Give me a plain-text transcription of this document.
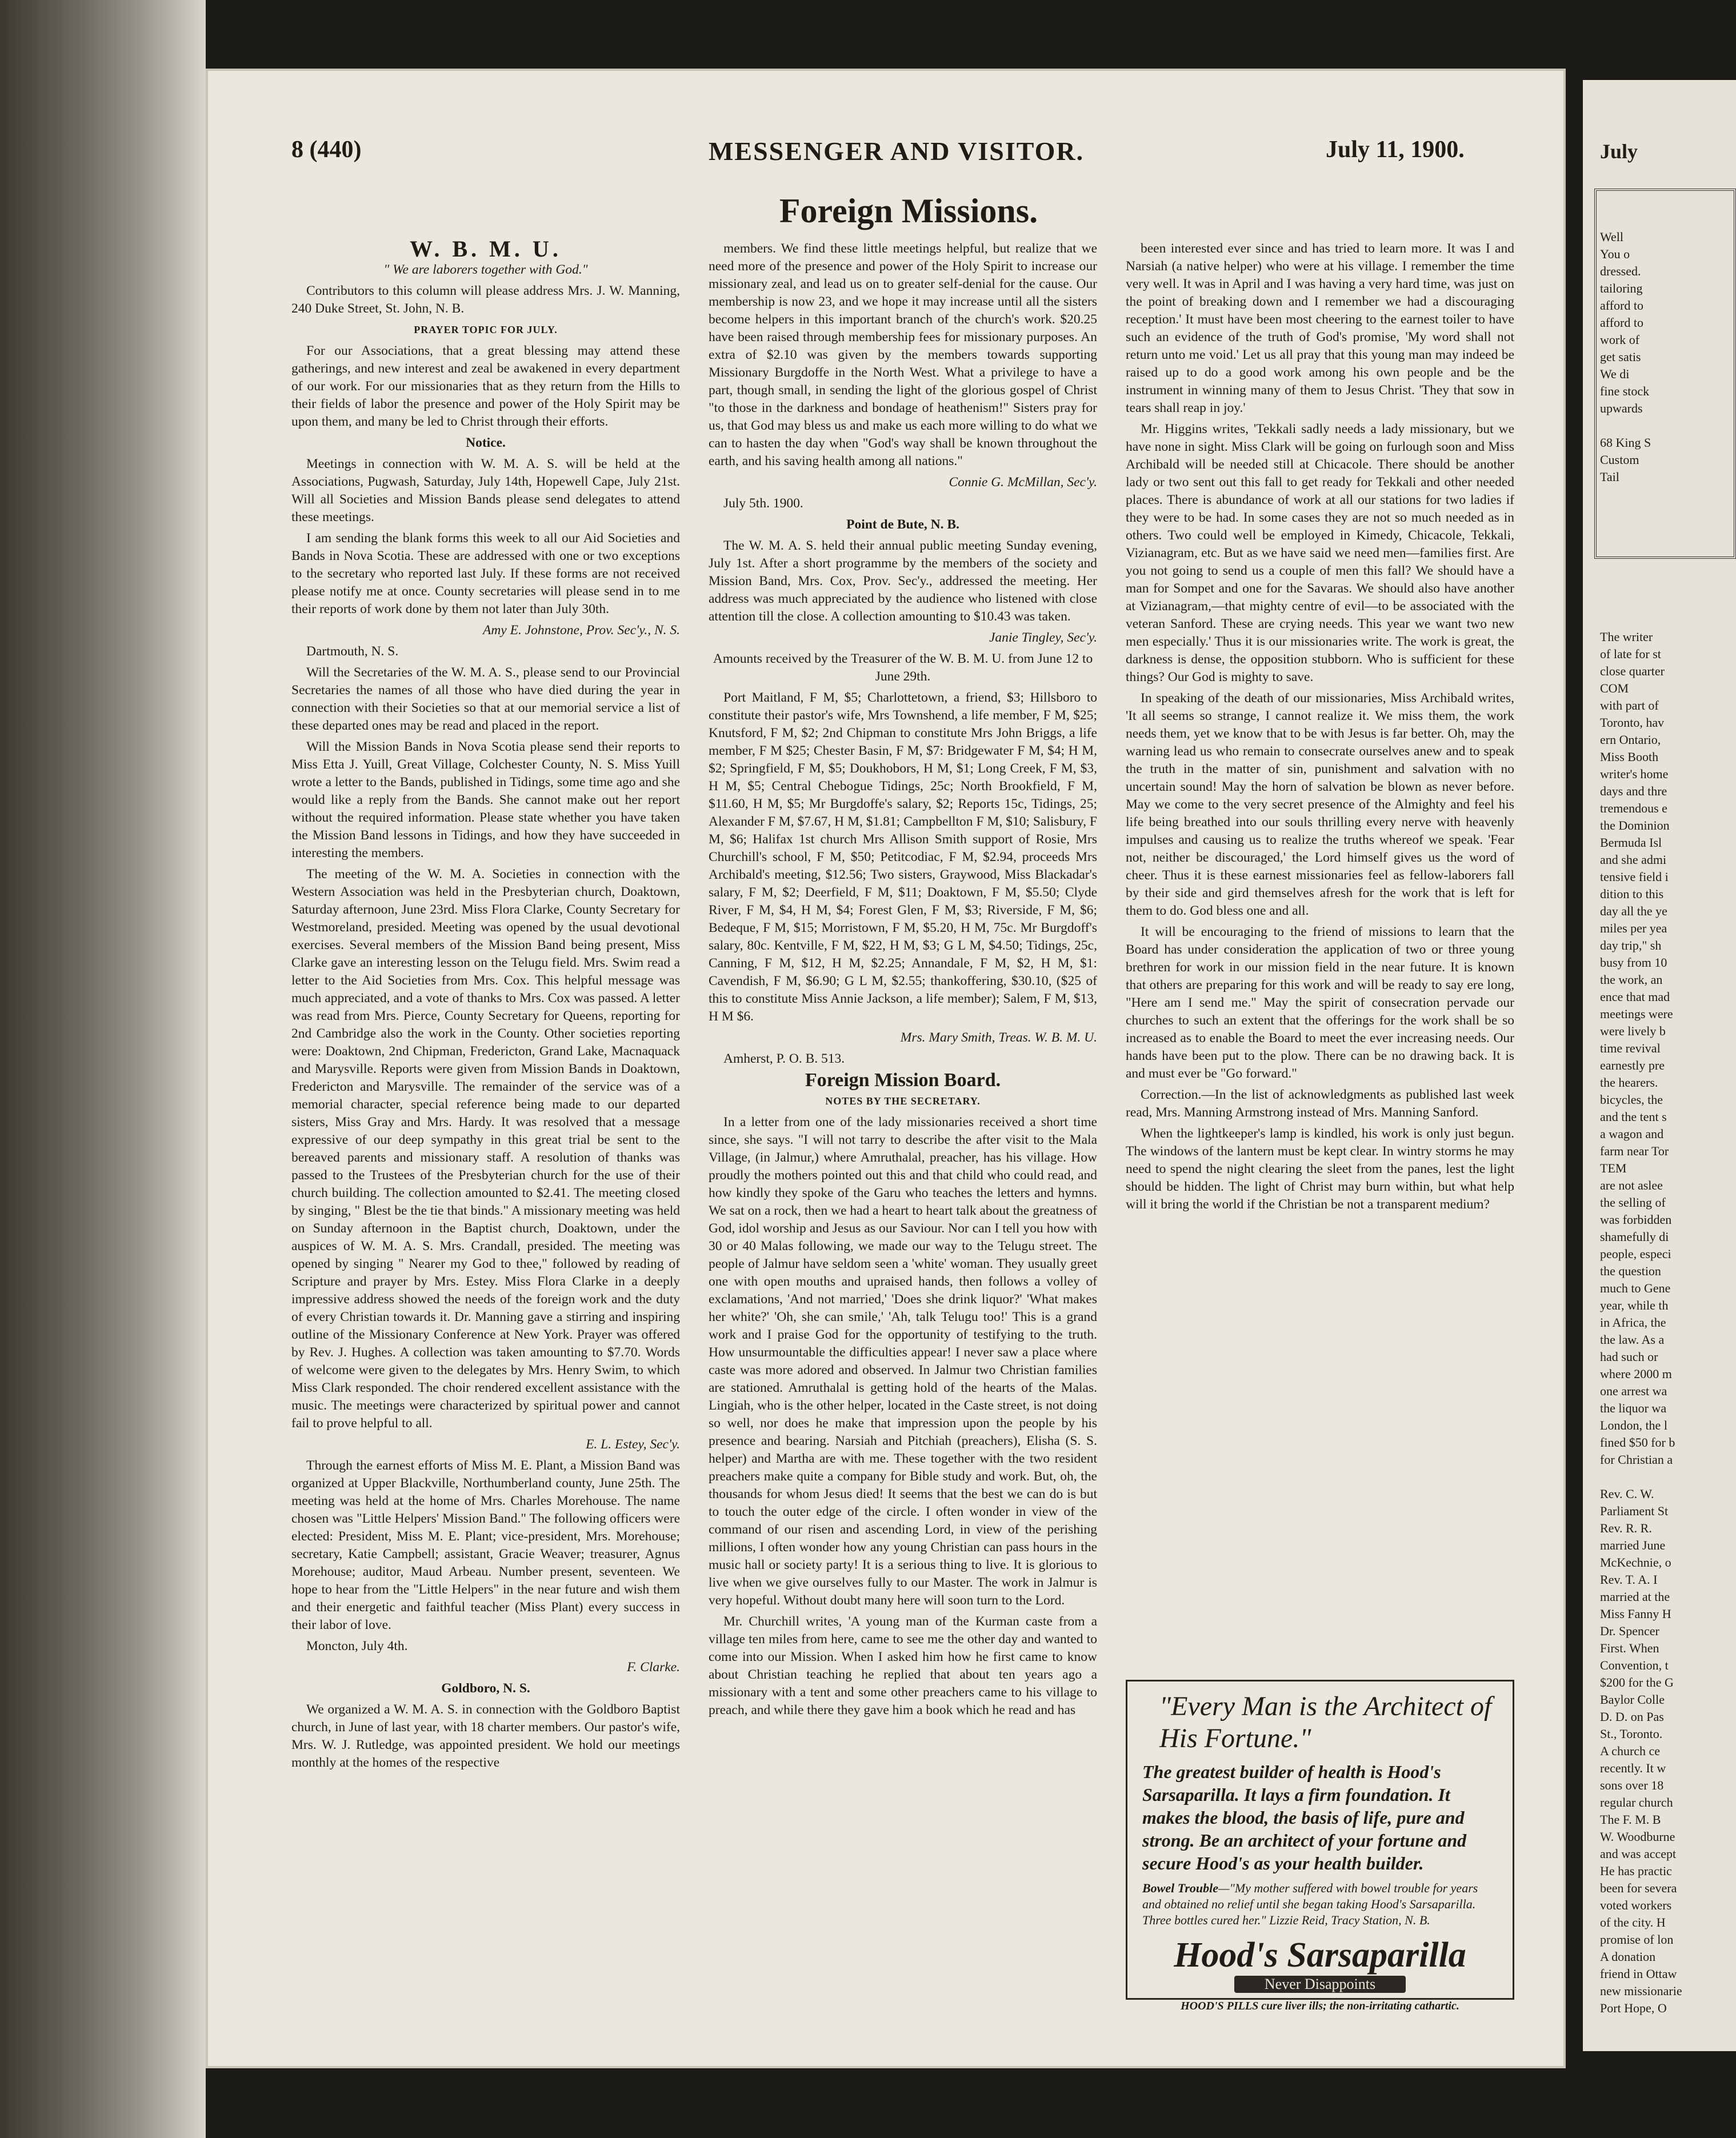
8 (440)	MESSENGER AND VISITOR.	July 11, 1900.
Foreign Missions.

W. B. M. U.

" We are laborers together with God."

Contributors to this column will please address Mrs. J. W. Manning, 240 Duke Street, St. John, N. B.

PRAYER TOPIC FOR JULY.

For our Associations, that a great blessing may attend these gatherings, and new interest and zeal be awakened in every department of our work. For our missionaries that as they return from the Hills to their fields of labor the presence and power of the Holy Spirit may be upon them, and many be led to Christ through their efforts.

Notice.

Meetings in connection with W. M. A. S. will be held at the Associations, Pugwash, Saturday, July 14th, Hopewell Cape, July 21st. Will all Societies and Mission Bands please send delegates to attend these meetings.

I am sending the blank forms this week to all our Aid Societies and Bands in Nova Scotia. These are addressed with one or two exceptions to the secretary who reported last July. If these forms are not received please notify me at once. County secretaries will please send in to me their reports of work done by them not later than July 30th.

Amy E. Johnstone, Prov. Sec'y., N. S.

Dartmouth, N. S.

Will the Secretaries of the W. M. A. S., please send to our Provincial Secretaries the names of all those who have died during the year in connection with their Societies so that at our memorial service a list of these departed ones may be read and placed in the report.

Will the Mission Bands in Nova Scotia please send their reports to Miss Etta J. Yuill, Great Village, Colchester County, N. S. Miss Yuill wrote a letter to the Bands, published in Tidings, some time ago and she would like a reply from the Bands. She cannot make out her report without the required information. Please state whether you have taken the Mission Band lessons in Tidings, and how they have succeeded in interesting the members.

The meeting of the W. M. A. Societies in connection with the Western Association was held in the Presbyterian church, Doaktown, Saturday afternoon, June 23rd. Miss Flora Clarke, County Secretary for Westmoreland, presided. Meeting was opened by the usual devotional exercises. Several members of the Mission Band being present, Miss Clarke gave an interesting lesson on the Telugu field. Mrs. Swim read a letter to the Aid Societies from Mrs. Cox. This helpful message was much appreciated, and a vote of thanks to Mrs. Cox was passed. A letter was read from Mrs. Pierce, County Secretary for Queens, reporting for 2nd Cambridge also the work in the County. Other societies reporting were: Doaktown, 2nd Chipman, Fredericton, Grand Lake, Macnaquack and Marysville. Reports were given from Mission Bands in Doaktown, Fredericton and Marysville. The remainder of the service was of a memorial character, special reference being made to our departed sisters, Miss Gray and Mrs. Hardy. It was resolved that a message expressive of our deep sympathy in this great trial be sent to the bereaved parents and missionary staff. A resolution of thanks was passed to the Trustees of the Presbyterian church for the use of their church building. The collection amounted to $2.41. The meeting closed by singing, " Blest be the tie that binds." A missionary meeting was held on Sunday afternoon in the Baptist church, Doaktown, under the auspices of W. M. A. S. Mrs. Crandall, presided. The meeting was opened by singing " Nearer my God to thee," followed by reading of Scripture and prayer by Mrs. Estey. Miss Flora Clarke in a deeply impressive address showed the needs of the foreign work and the duty of every Christian towards it. Dr. Manning gave a stirring and inspiring outline of the Missionary Conference at New York. Prayer was offered by Rev. J. Hughes. A collection was taken amounting to $7.70. Words of welcome were given to the delegates by Mrs. Henry Swim, to which Miss Clark responded. The choir rendered excellent assistance with the music. The meetings were characterized by spiritual power and cannot fail to prove helpful to all.

E. L. Estey, Sec'y.

Through the earnest efforts of Miss M. E. Plant, a Mission Band was organized at Upper Blackville, Northumberland county, June 25th. The meeting was held at the home of Mrs. Charles Morehouse. The name chosen was "Little Helpers' Mission Band." The following officers were elected: President, Miss M. E. Plant; vice-president, Mrs. Morehouse; secretary, Katie Campbell; assistant, Gracie Weaver; treasurer, Agnus Morehouse; auditor, Maud Arbeau. Number present, seventeen. We hope to hear from the "Little Helpers" in the near future and wish them and their energetic and faithful teacher (Miss Plant) every success in their labor of love.

Moncton, July 4th.

F. Clarke.

Goldboro, N. S.

We organized a W. M. A. S. in connection with the Goldboro Baptist church, in June of last year, with 18 charter members. Our pastor's wife, Mrs. W. J. Rutledge, was appointed president. We hold our meetings monthly at the homes of the respective

members. We find these little meetings helpful, but realize that we need more of the presence and power of the Holy Spirit to increase our missionary zeal, and lead us on to greater self-denial for the cause. Our membership is now 23, and we hope it may increase until all the sisters become helpers in this important branch of the church's work. $20.25 have been raised through membership fees for missionary purposes. An extra of $2.10 was given by the members towards supporting Missionary Burgdoffe in the North West. What a privilege to have a part, though small, in sending the light of the glorious gospel of Christ "to those in the darkness and bondage of heathenism!" Sisters pray for us, that God may bless us and make us each more willing to do what we can to hasten the day when "God's way shall be known throughout the earth, and his saving health among all nations."

Connie G. McMillan, Sec'y.

July 5th. 1900.

Point de Bute, N. B.

The W. M. A. S. held their annual public meeting Sunday evening, July 1st. After a short programme by the members of the society and Mission Band, Mrs. Cox, Prov. Sec'y., addressed the meeting. Her address was much appreciated by the audience who listened with close attention till the close. A collection amounting to $10.43 was taken.

Janie Tingley, Sec'y.

Amounts received by the Treasurer of the W. B. M. U. from June 12 to June 29th.

Port Maitland, F M, $5; Charlottetown, a friend, $3; Hillsboro to constitute their pastor's wife, Mrs Townshend, a life member, F M, $25; Knutsford, F M, $2; 2nd Chipman to constitute Mrs John Briggs, a life member, F M $25; Chester Basin, F M, $7: Bridgewater F M, $4; H M, $2; Springfield, F M, $5; Doukhobors, H M, $1; Long Creek, F M, $3, H M, $5; Central Chebogue Tidings, 25c; North Brookfield, F M, $11.60, H M, $5; Mr Burgdoffe's salary, $2; Reports 15c, Tidings, 25; Alexander F M, $7.67, H M, $1.81; Campbellton F M, $10; Salisbury, F M, $6; Halifax 1st church Mrs Allison Smith support of Rosie, Mrs Churchill's school, F M, $50; Petitcodiac, F M, $2.94, proceeds Mrs Archibald's meeting, $12.56; Two sisters, Graywood, Miss Blackadar's salary, F M, $2; Deerfield, F M, $11; Doaktown, F M, $5.50; Clyde River, F M, $4, H M, $4; Forest Glen, F M, $3; Riverside, F M, $6; Bedeque, F M, $15; Morristown, F M, $5.20, H M, 75c. Mr Burgdoff's salary, 80c. Kentville, F M, $22, H M, $3; G L M, $4.50; Tidings, 25c, Canning, F M, $12, H M, $2.25; Annandale, F M, $2, H M, $1: Cavendish, F M, $6.90; G L M, $2.55; thankoffering, $30.10, ($25 of this to constitute Miss Annie Jackson, a life member); Salem, F M, $13, H M $6.

Mrs. Mary Smith, Treas. W. B. M. U.

Amherst, P. O. B. 513.

Foreign Mission Board.

NOTES BY THE SECRETARY.

In a letter from one of the lady missionaries received a short time since, she says. "I will not tarry to describe the after visit to the Mala Village, (in Jalmur,) where Amruthalal, preacher, has his village. How proudly the mothers pointed out this and that child who could read, and how kindly they spoke of the Garu who teaches the letters and hymns. We sat on a rock, then we had a heart to heart talk about the greatness of God, idol worship and Jesus as our Saviour. Nor can I tell you how with 30 or 40 Malas following, we made our way to the Telugu street. The people of Jalmur have seldom seen a 'white' woman. They usually greet one with open mouths and upraised hands, then follows a volley of exclamations, 'And not married,' 'Does she drink liquor?' 'What makes her white?' 'Oh, she can smile,' 'Ah, talk Telugu too!' This is a grand work and I praise God for the opportunity of testifying to the truth. How unsurmountable the difficulties appear! I never saw a place where caste was more adored and observed. In Jalmur two Christian families are stationed. Amruthalal is getting hold of the hearts of the Malas. Lingiah, who is the other helper, located in the Caste street, is not doing so well, nor does he make that impression upon the people by his presence and bearing. Narsiah and Pitchiah (preachers), Elisha (S. S. helper) and Martha are with me. These together with the two resident preachers make quite a company for Bible study and work. But, oh, the thousands for whom Jesus died! It seems that the best we can do is but to touch the outer edge of the circle. I often wonder in view of the command of our risen and ascending Lord, in view of the perishing millions, I often wonder how any young Christian can pass hours in the music hall or society party! It is a serious thing to live. It is glorious to live when we give ourselves fully to our Master. The work in Jalmur is very hopeful. Without doubt many here will soon turn to the Lord.

Mr. Churchill writes, 'A young man of the Kurman caste from a village ten miles from here, came to see me the other day and wanted to come into our Mission. When I asked him how he first came to know about Christian teaching he replied that about ten years ago a missionary with a tent and some other preachers came to his village to preach, and while there they gave him a book which he read and has

been interested ever since and has tried to learn more. It was I and Narsiah (a native helper) who were at his village. I remember the time very well. It was in April and I was having a very hard time, was just on the point of breaking down and I remember we had a discouraging reception.' It must have been most cheering to the earnest toiler to have such an evidence of the truth of God's promise, 'My word shall not return unto me void.' Let us all pray that this young man may indeed be raised up to do a good work among his own people and be the instrument in winning many of them to Jesus Christ. 'They that sow in tears shall reap in joy.'

Mr. Higgins writes, 'Tekkali sadly needs a lady missionary, but we have none in sight. Miss Clark will be going on furlough soon and Miss Archibald will be needed still at Chicacole. There should be another lady or two sent out this fall to get ready for Tekkali and other needed places. There is abundance of work at all our stations for two ladies if they were to be had. In some cases they are not so much needed as in others. Two could well be employed in Kimedy, Chicacole, Tekkali, Vizianagram, etc. But as we have said we need men—families first. Are you not going to send us a couple of men this fall? We should have a man for Sompet and one for the Savaras. We should also have another at Vizianagram,—that mighty centre of evil—to be associated with the veteran Sanford. These are crying needs. This year we want two new men especially.' Thus it is our missionaries write. The work is great, the darkness is dense, the opposition stubborn. Who is sufficient for these things? Our God is mighty to save.

In speaking of the death of our missionaries, Miss Archibald writes, 'It all seems so strange, I cannot realize it. We miss them, the work needs them, yet we know that to be with Jesus is far better. Oh, may the warning lead us who remain to consecrate ourselves anew and to speak the truth in the matter of sin, punishment and salvation with no uncertain sound! May the horn of salvation be blown as never before. May we come to the very secret presence of the Almighty and feel his life being breathed into our souls thrilling every nerve with heavenly impulses and causing us to realize the truths whereof we speak. 'Fear not, neither be discouraged,' the Lord himself gives us the word of cheer. Thus it is these earnest missionaries feel as fellow-laborers fall by their side and gird themselves afresh for the work that is left for them to do. God bless one and all.

It will be encouraging to the friend of missions to learn that the Board has under consideration the application of two or three young brethren for work in our mission field in the near future. It is known that others are preparing for this work and will be ready to say ere long, "Here am I send me." May the spirit of consecration pervade our churches to such an extent that the offerings for the work shall be so increased as to enable the Board to meet the ever increasing needs. Our hands have been put to the plow. There can be no drawing back. It is and must ever be "Go forward."

Correction.—In the list of acknowledgments as published last week read, Mrs. Manning Armstrong instead of Mrs. Manning Sanford.

When the lightkeeper's lamp is kindled, his work is only just begun. The windows of the lantern must be kept clear. In wintry storms he may need to spend the night clearing the sleet from the panes, lest the light should be hidden. The light of Christ may burn within, but what help will it bring the world if the Christian be not a transparent medium?

"Every Man is the Architect of His Fortune."
The greatest builder of health is Hood's Sarsaparilla. It lays a firm foundation. It makes the blood, the basis of life, pure and strong. Be an architect of your fortune and secure Hood's as your health builder.
Bowel Trouble—"My mother suffered with bowel trouble for years and obtained no relief until she began taking Hood's Sarsaparilla. Three bottles cured her." Lizzie Reid, Tracy Station, N. B.
Hood's Sarsaparilla
Never Disappoints
HOOD'S PILLS cure liver ills; the non-irritating cathartic.
July
Well
You o
dressed.
tailoring
afford to
afford to
work of
get satis
We di
fine stock
upwards

68 King S
Custom
Tail
The writer
of late for st
close quarter
COM
with part of
Toronto, hav
ern Ontario,
Miss Booth
writer's home
days and thre
tremendous e
the Dominion
Bermuda Isl
and she admi
tensive field i
dition to this
day all the ye
miles per yea
day trip," sh
busy from 10
the work, an
ence that mad
meetings were
were lively b
time revival
earnestly pre
the hearers.
bicycles, the
and the tent s
a wagon and
farm near Tor
TEM
are not aslee
the selling of
was forbidden
shamefully di
people, especi
the question
much to Gene
year, while th
in Africa, the
the law. As a
had such or
where 2000 m
one arrest wa
the liquor wa
London, the l
fined $50 for b
for Christian a

Rev. C. W.
Parliament St
Rev. R. R.
married June
McKechnie, o
Rev. T. A. I
married at the
Miss Fanny H
Dr. Spencer
First. When
Convention, t
$200 for the G
Baylor Colle
D. D. on Pas
St., Toronto.
A church ce
recently. It w
sons over 18
regular church
The F. M. B
W. Woodburne
and was accept
He has practic
been for severa
voted workers
of the city. H
promise of lon
A donation
friend in Ottaw
new missionarie
Port Hope, O
